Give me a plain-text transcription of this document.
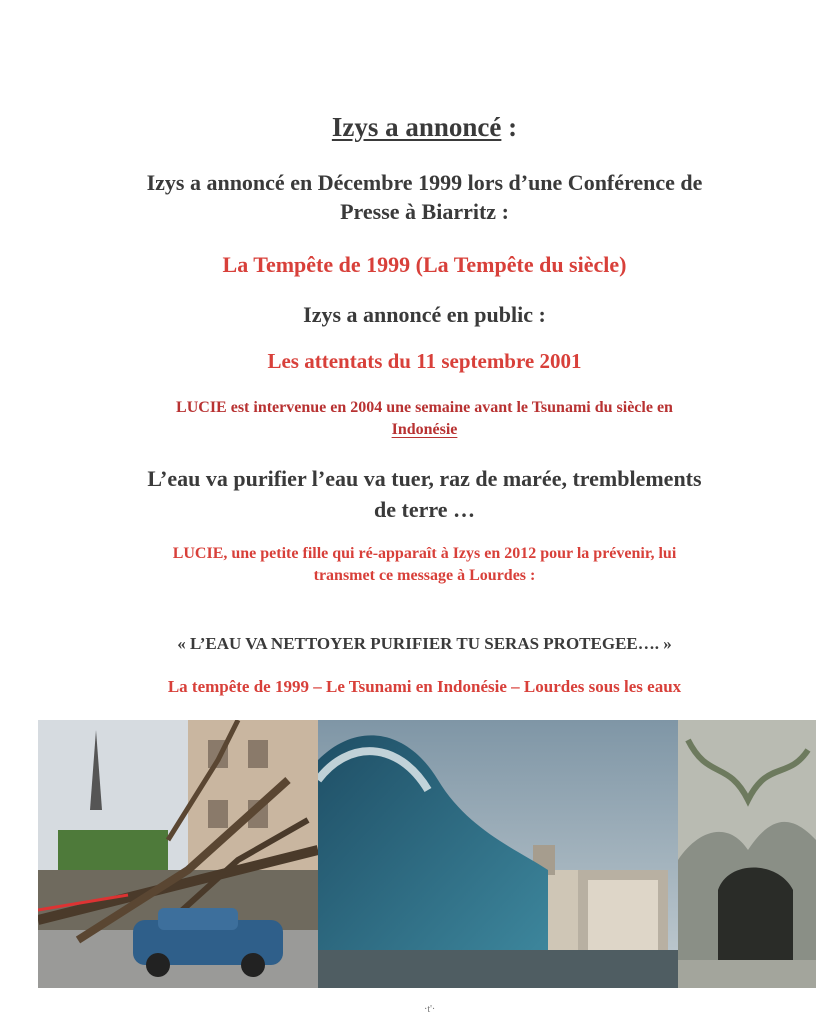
Izys a annoncé :
Izys a annoncé en Décembre 1999 lors d’une Conférence de
Presse à Biarritz :
La Tempête de 1999 (La Tempête du siècle)
Izys a annoncé en public :
Les attentats du 11 septembre 2001
LUCIE est intervenue en 2004 une semaine avant le Tsunami du siècle en
Indonésie
L’eau va purifier l’eau va tuer, raz de marée, tremblements
de terre …
LUCIE, une petite fille qui ré-apparaît à Izys en 2012 pour la prévenir, lui
transmet ce message à Lourdes :
« L’EAU VA NETTOYER PURIFIER TU SERAS PROTEGEE…. »
La tempête de 1999 – Le Tsunami en Indonésie – Lourdes sous les eaux
·t'·
